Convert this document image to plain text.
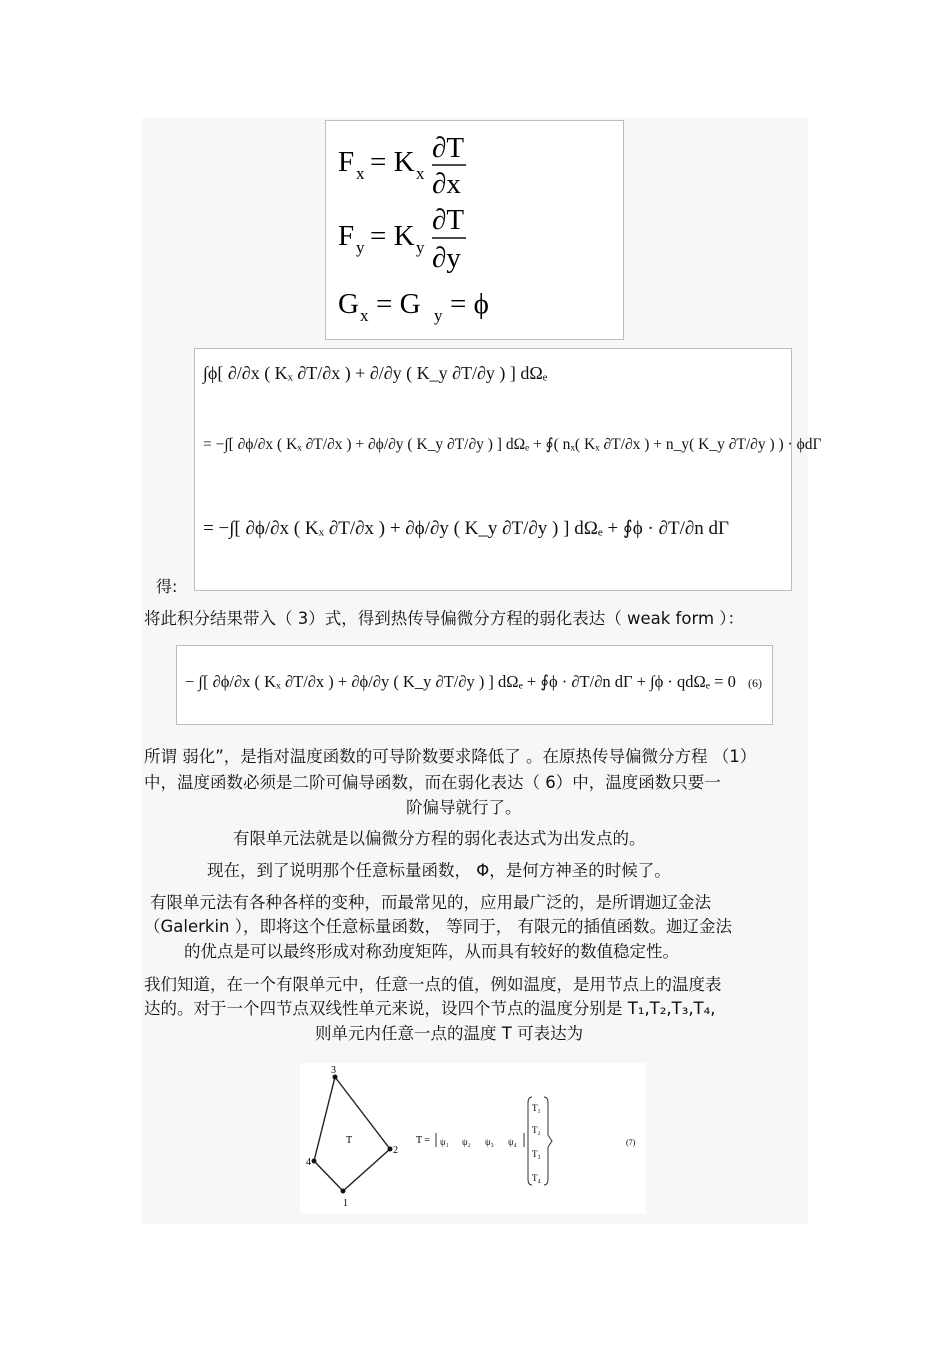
F x = K x
∂T
∂x
F y = K y
∂T
∂y
G x = G y = ϕ
∫ϕ[ ∂/∂x ( Kₓ ∂T/∂x ) + ∂/∂y ( K_y ∂T/∂y ) ] dΩₑ
= −∫[ ∂ϕ/∂x ( Kₓ ∂T/∂x ) + ∂ϕ/∂y ( K_y ∂T/∂y ) ] dΩₑ + ∮( nₓ( Kₓ ∂T/∂x ) + n_y( K_y ∂T/∂y ) ) · ϕdΓ
= −∫[ ∂ϕ/∂x ( Kₓ ∂T/∂x ) + ∂ϕ/∂y ( K_y ∂T/∂y ) ] dΩₑ + ∮ϕ · ∂T/∂n dΓ
得:
将此积分结果带入（ 3）式，得到热传导偏微分方程的弱化表达（ weak form ）：
− ∫[ ∂ϕ/∂x ( Kₓ ∂T/∂x ) + ∂ϕ/∂y ( K_y ∂T/∂y ) ] dΩₑ + ∮ϕ · ∂T/∂n dΓ + ∫ϕ · qdΩₑ = 0 (6)
所谓 弱化”，是指对温度函数的可导阶数要求降低了 。在原热传导偏微分方程 （1）
中，温度函数必须是二阶可偏导函数，而在弱化表达（ 6）中，温度函数只要一
阶偏导就行了。
有限单元法就是以偏微分方程的弱化表达式为出发点的。
现在，到了说明那个任意标量函数， Φ，是何方神圣的时候了。
有限单元法有各种各样的变种，而最常见的，应用最广泛的，是所谓迦辽金法
（Galerkin ），即将这个任意标量函数， 等同于， 有限元的插值函数。迦辽金法
的优点是可以最终形成对称劲度矩阵，从而具有较好的数值稳定性。
我们知道，在一个有限单元中，任意一点的值，例如温度，是用节点上的温度表
达的。对于一个四节点双线性单元来说，设四个节点的温度分别是 T₁,T₂,T₃,T₄,
则单元内任意一点的温度 T 可表达为
1
2
3
4
T	T = ψ₁ ψ₂ ψ₃ ψ₄
T₁
T₂
T₃
T₄
(7)
